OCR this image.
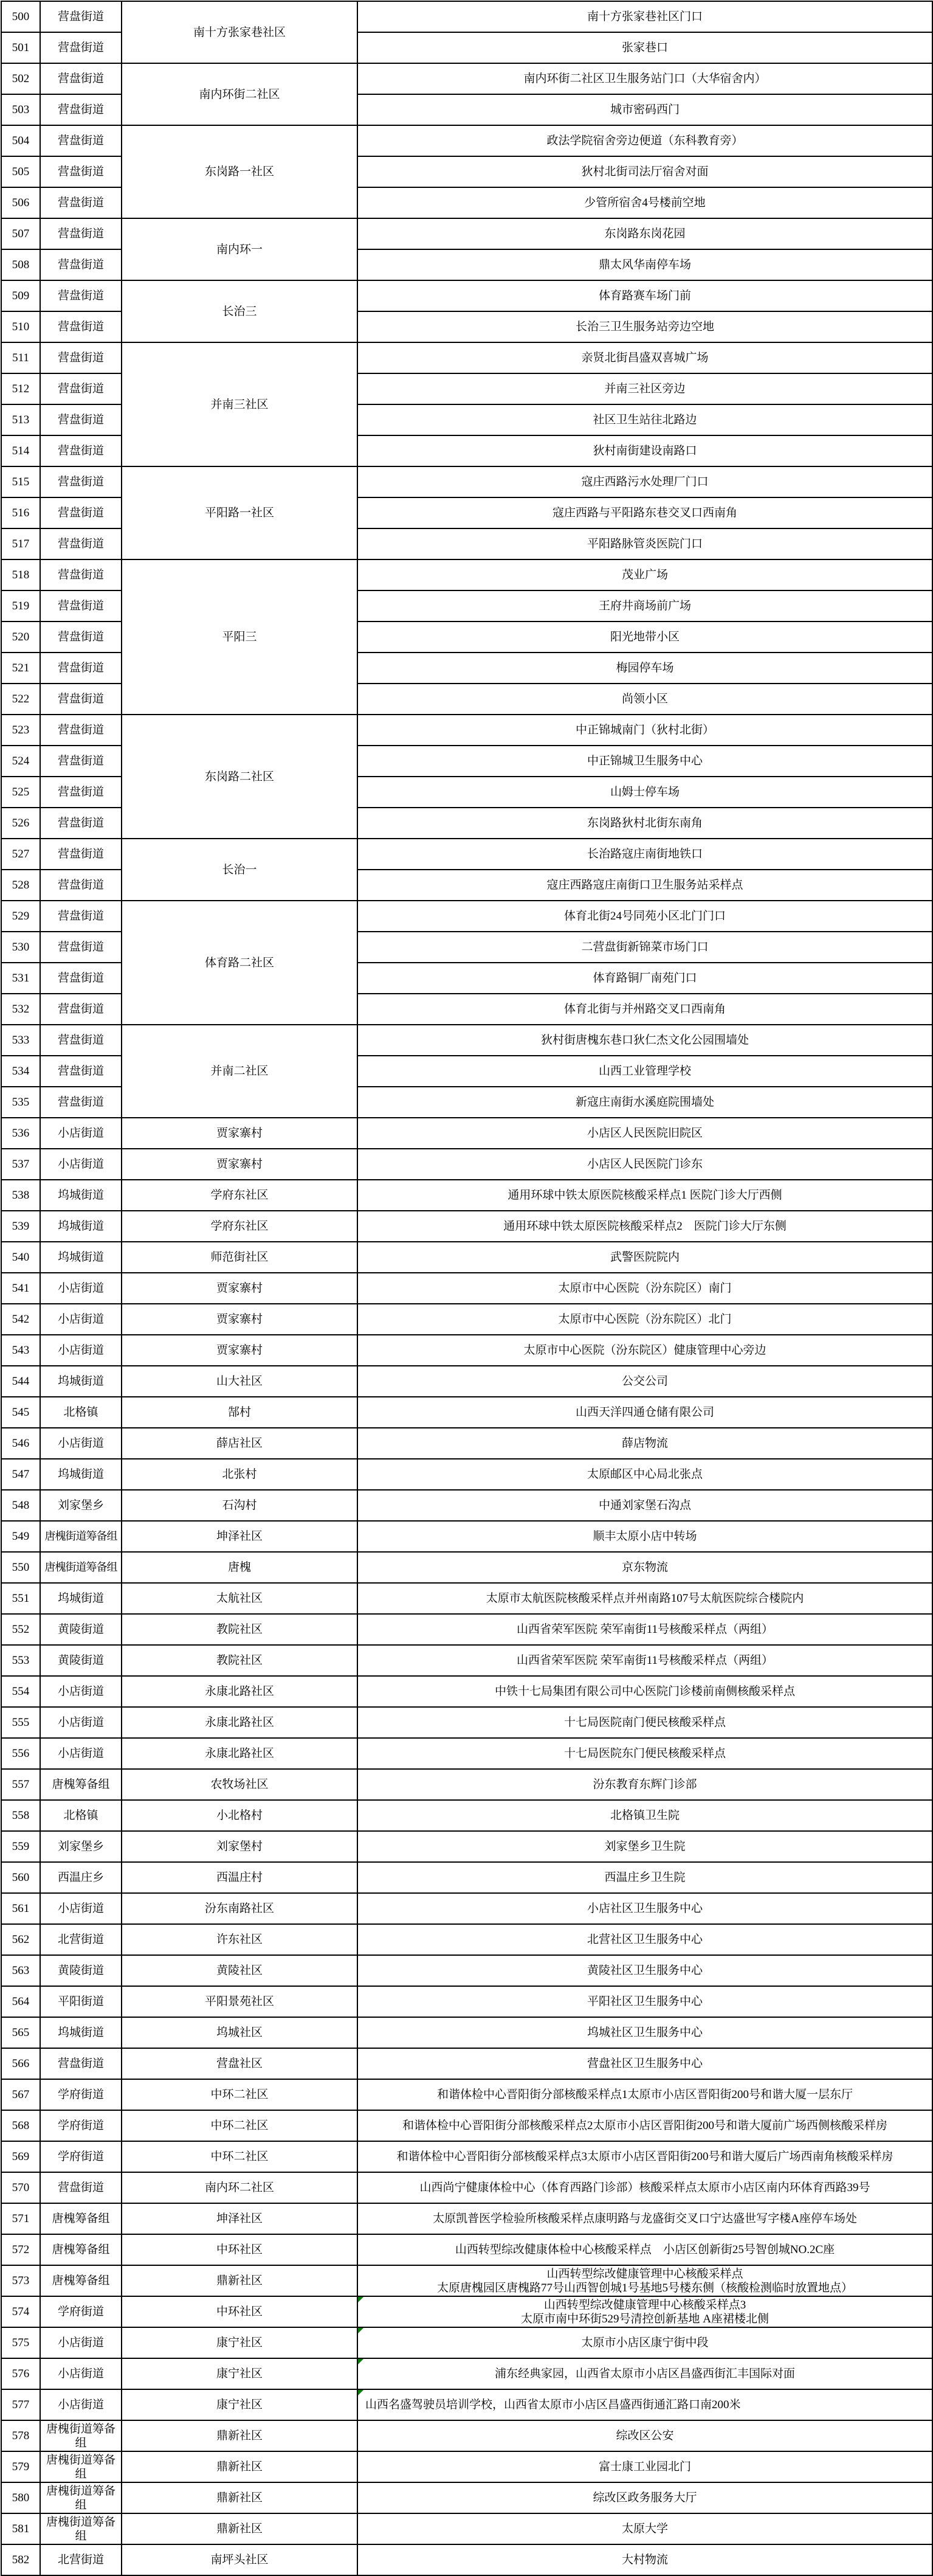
500	营盘街道	南十方张家巷社区	南十方张家巷社区门口
501	营盘街道		张家巷口
502	营盘街道	南内环街二社区	南内环街二社区卫生服务站门口（大华宿舍内）
503	营盘街道		城市密码西门
504	营盘街道	东岗路一社区	政法学院宿舍旁边便道（东科教育旁）
505	营盘街道		狄村北街司法厅宿舍对面
506	营盘街道		少管所宿舍4号楼前空地
507	营盘街道	南内环一	东岗路东岗花园
508	营盘街道		鼎太风华南停车场
509	营盘街道	长治三	体育路赛车场门前
510	营盘街道		长治三卫生服务站旁边空地
511	营盘街道	并南三社区	亲贤北街昌盛双喜城广场
512	营盘街道		并南三社区旁边
513	营盘街道		社区卫生站往北路边
514	营盘街道		狄村南街建设南路口
515	营盘街道	平阳路一社区	寇庄西路污水处理厂门口
516	营盘街道		寇庄西路与平阳路东巷交叉口西南角
517	营盘街道		平阳路脉管炎医院门口
518	营盘街道	平阳三	茂业广场
519	营盘街道		王府井商场前广场
520	营盘街道		阳光地带小区
521	营盘街道		梅园停车场
522	营盘街道		尚领小区
523	营盘街道	东岗路二社区	中正锦城南门（狄村北街）
524	营盘街道		中正锦城卫生服务中心
525	营盘街道		山姆士停车场
526	营盘街道		东岗路狄村北街东南角
527	营盘街道	长治一	长治路寇庄南街地铁口
528	营盘街道		寇庄西路寇庄南街口卫生服务站采样点
529	营盘街道	体育路二社区	体育北街24号同苑小区北门门口
530	营盘街道		二营盘街新锦菜市场门口
531	营盘街道		体育路铜厂南苑门口
532	营盘街道		体育北街与并州路交叉口西南角
533	营盘街道	并南二社区	狄村街唐槐东巷口狄仁杰文化公园围墙处
534	营盘街道		山西工业管理学校
535	营盘街道		新寇庄南街水溪庭院围墙处
536	小店街道	贾家寨村	小店区人民医院旧院区
537	小店街道	贾家寨村	小店区人民医院门诊东
538	坞城街道	学府东社区	通用环球中铁太原医院核酸采样点1 医院门诊大厅西侧
539	坞城街道	学府东社区	通用环球中铁太原医院核酸采样点2　医院门诊大厅东侧
540	坞城街道	师范街社区	武警医院院内
541	小店街道	贾家寨村	太原市中心医院（汾东院区）南门
542	小店街道	贾家寨村	太原市中心医院（汾东院区）北门
543	小店街道	贾家寨村	太原市中心医院（汾东院区）健康管理中心旁边
544	坞城街道	山大社区	公交公司
545	北格镇	郜村	山西天洋四通仓储有限公司
546	小店街道	薛店社区	薛店物流
547	坞城街道	北张村	太原邮区中心局北张点
548	刘家堡乡	石沟村	中通刘家堡石沟点
549	唐槐街道筹备组	坤泽社区	顺丰太原小店中转场
550	唐槐街道筹备组	唐槐	京东物流
551	坞城街道	太航社区	太原市太航医院核酸采样点并州南路107号太航医院综合楼院内
552	黄陵街道	教院社区	山西省荣军医院 荣军南街11号核酸采样点（两组）
553	黄陵街道	教院社区	山西省荣军医院 荣军南街11号核酸采样点（两组）
554	小店街道	永康北路社区	中铁十七局集团有限公司中心医院门诊楼前南侧核酸采样点
555	小店街道	永康北路社区	十七局医院南门便民核酸采样点
556	小店街道	永康北路社区	十七局医院东门便民核酸采样点
557	唐槐筹备组	农牧场社区	汾东教育东辉门诊部
558	北格镇	小北格村	北格镇卫生院
559	刘家堡乡	刘家堡村	刘家堡乡卫生院
560	西温庄乡	西温庄村	西温庄乡卫生院
561	小店街道	汾东南路社区	小店社区卫生服务中心
562	北营街道	许东社区	北营社区卫生服务中心
563	黄陵街道	黄陵社区	黄陵社区卫生服务中心
564	平阳街道	平阳景苑社区	平阳社区卫生服务中心
565	坞城街道	坞城社区	坞城社区卫生服务中心
566	营盘街道	营盘社区	营盘社区卫生服务中心
567	学府街道	中环二社区	和谐体检中心晋阳街分部核酸采样点1太原市小店区晋阳街200号和谐大厦一层东厅
568	学府街道	中环二社区	和谐体检中心晋阳街分部核酸采样点2太原市小店区晋阳街200号和谐大厦前广场西侧核酸采样房
569	学府街道	中环二社区	和谐体检中心晋阳街分部核酸采样点3太原市小店区晋阳街200号和谐大厦后广场西南角核酸采样房
570	营盘街道	南内环二社区	山西尚宁健康体检中心（体育西路门诊部）核酸采样点太原市小店区南内环体育西路39号
571	唐槐筹备组	坤泽社区	太原凯普医学检验所核酸采样点康明路与龙盛街交叉口宁达盛世写字楼A座停车场处
572	唐槐筹备组	中环社区	山西转型综改健康体检中心核酸采样点　小店区创新街25号智创城NO.2C座
573	唐槐筹备组	鼎新社区	山西转型综改健康管理中心核酸采样点
太原唐槐园区唐槐路77号山西智创城1号基地5号楼东侧（核酸检测临时放置地点）

574	学府街道	中环社区	山西转型综改健康管理中心核酸采样点3
太原市南中环街529号清控创新基地 A座裙楼北侧

575	小店街道	康宁社区	太原市小店区康宁街中段

576	小店街道	康宁社区	浦东经典家园，山西省太原市小店区昌盛西街汇丰国际对面

577	小店街道	康宁社区	山西名盛驾驶员培训学校，山西省太原市小店区昌盛西街通汇路口南200米

578	唐槐街道筹备
组	鼎新社区	综改区公安
579	唐槐街道筹备
组	鼎新社区	富士康工业园北门
580	唐槐街道筹备
组	鼎新社区	综改区政务服务大厅
581	唐槐街道筹备
组	鼎新社区	太原大学
582	北营街道	南坪头社区	大村物流
